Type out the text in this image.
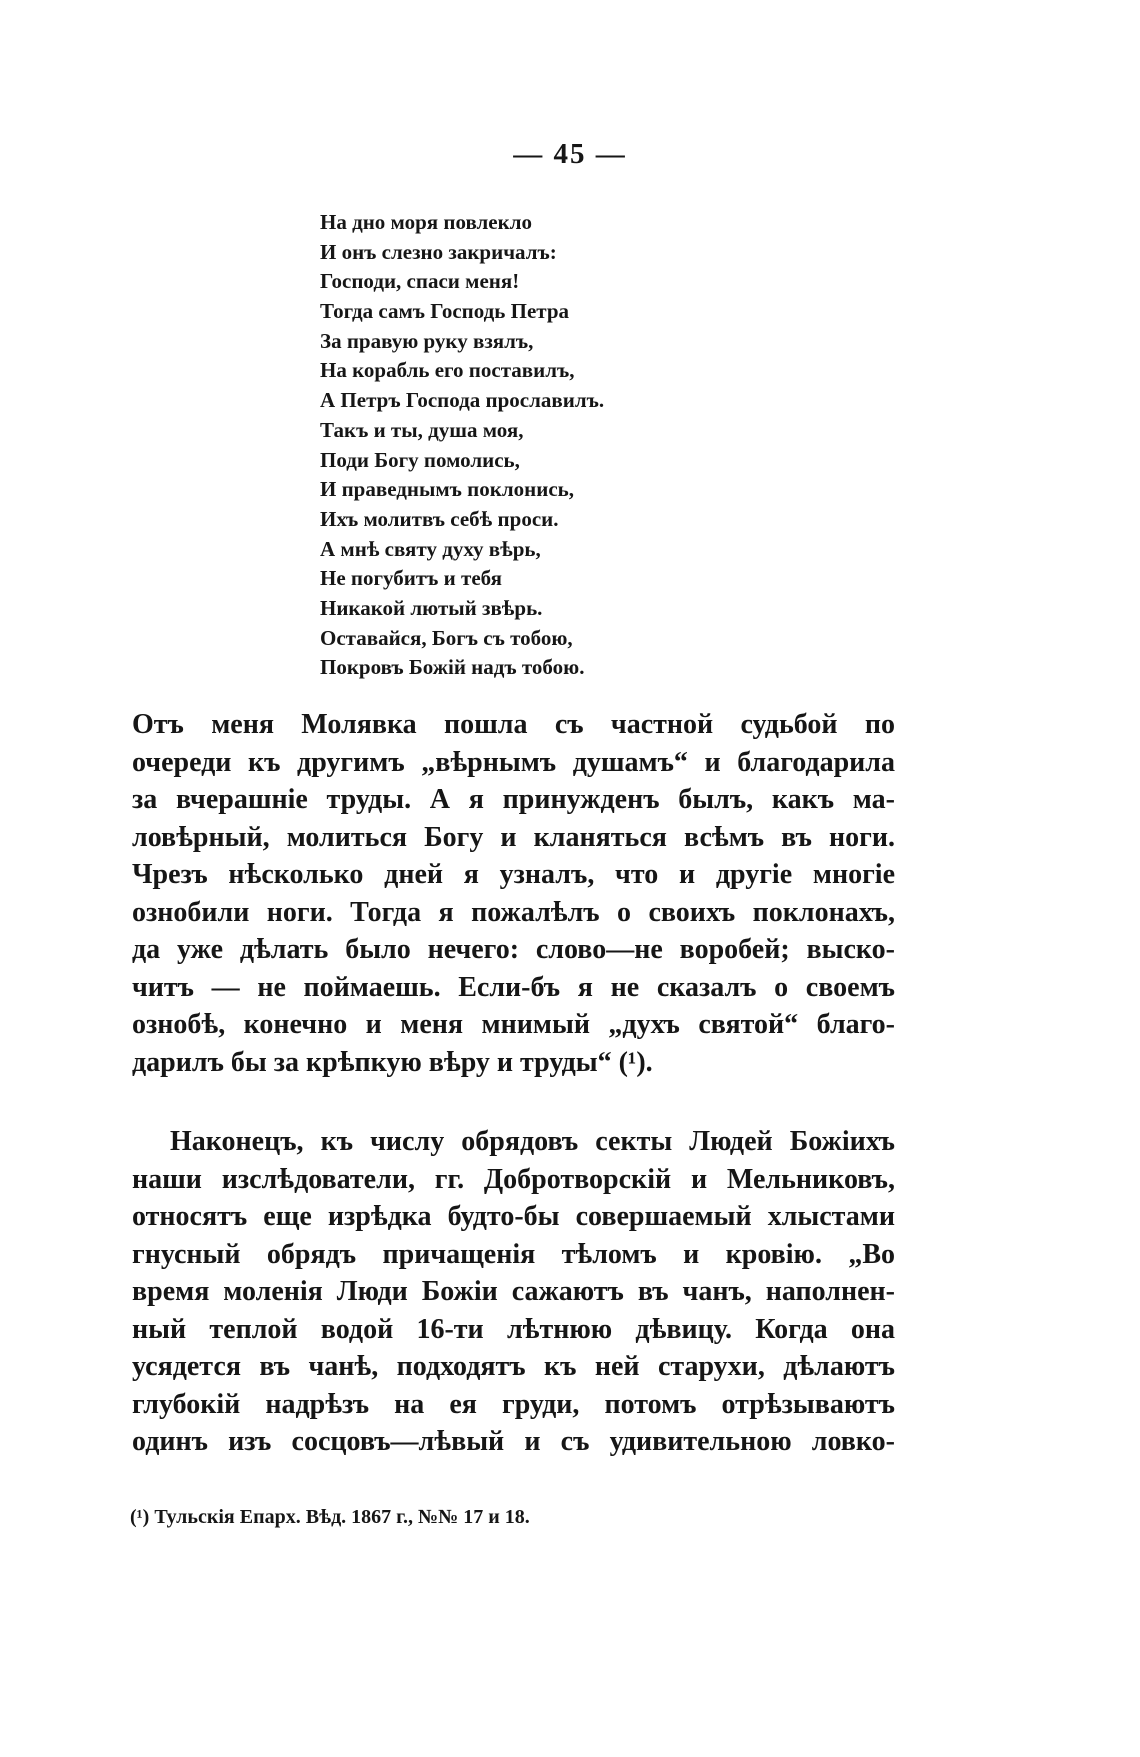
— 45 —
На дно моря повлекло
И онъ слезно закричалъ:
Господи, спаси меня!
Тогда самъ Господь Петра
За правую руку взялъ,
На корабль его поставилъ,
А Петръ Господа прославилъ.
Такъ и ты, душа моя,
Поди Богу помолись,
И праведнымъ поклонись,
Ихъ молитвъ себѣ проси.
А мнѣ святу духу вѣрь,
Не погубитъ и тебя
Никакой лютый звѣрь.
Оставайся, Богъ съ тобою,
Покровъ Божій надъ тобою.
Отъ меня Молявка пошла съ частной судьбой по
очереди къ другимъ „вѣрнымъ душамъ“ и благодарила
за вчерашніе труды. А я принужденъ былъ, какъ ма-
ловѣрный, молиться Богу и кланяться всѣмъ въ ноги.
Чрезъ нѣсколько дней я узналъ, что и другіе многіе
ознобили ноги. Тогда я пожалѣлъ о своихъ поклонахъ,
да уже дѣлать было нечего: слово—не воробей; выско-
читъ — не поймаешь. Если-бъ я не сказалъ о своемъ
ознобѣ, конечно и меня мнимый „духъ святой“ благо-
дарилъ бы за крѣпкую вѣру и труды“ (¹).
Наконецъ, къ числу обрядовъ секты Людей Божіихъ
наши изслѣдователи, гг. Добротворскій и Мельниковъ,
относятъ еще изрѣдка будто-бы совершаемый хлыстами
гнусный обрядъ причащенія тѣломъ и кровію. „Во
время моленія Люди Божіи сажаютъ въ чанъ, наполнен-
ный теплой водой 16-ти лѣтнюю дѣвицу. Когда она
усядется въ чанѣ, подходятъ къ ней старухи, дѣлаютъ
глубокій надрѣзъ на ея груди, потомъ отрѣзываютъ
одинъ изъ сосцовъ—лѣвый и съ удивительною ловко-
(¹) Тульскія Епарх. Вѣд. 1867 г., №№ 17 и 18.
